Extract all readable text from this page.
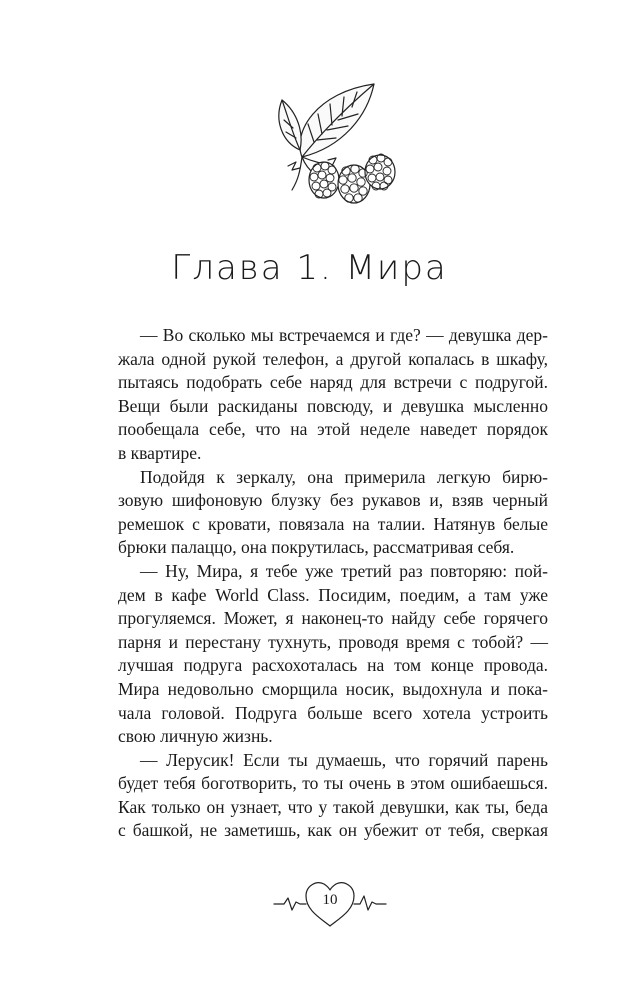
Глава 1. Мира
— Во сколько мы встречаемся и где? — девушка дер-
жала одной рукой телефон, а другой копалась в шкафу,
пытаясь подобрать себе наряд для встречи с подругой.
Вещи были раскиданы повсюду, и девушка мысленно
пообещала себе, что на этой неделе наведет порядок
в квартире.
Подойдя к зеркалу, она примерила легкую бирю-
зовую шифоновую блузку без рукавов и, взяв черный
ремешок с кровати, повязала на талии. Натянув белые
брюки палаццо, она покрутилась, рассматривая себя.
— Ну, Мира, я тебе уже третий раз повторяю: пой-
дем в кафе World Class. Посидим, поедим, а там уже
прогуляемся. Может, я наконец-то найду себе горячего
парня и перестану тухнуть, проводя время с тобой? —
лучшая подруга расхохоталась на том конце провода.
Мира недовольно сморщила носик, выдохнула и пока-
чала головой. Подруга больше всего хотела устроить
свою личную жизнь.
— Лерусик! Если ты думаешь, что горячий парень
будет тебя боготворить, то ты очень в этом ошибаешься.
Как только он узнает, что у такой девушки, как ты, беда
с башкой, не заметишь, как он убежит от тебя, сверкая
10
